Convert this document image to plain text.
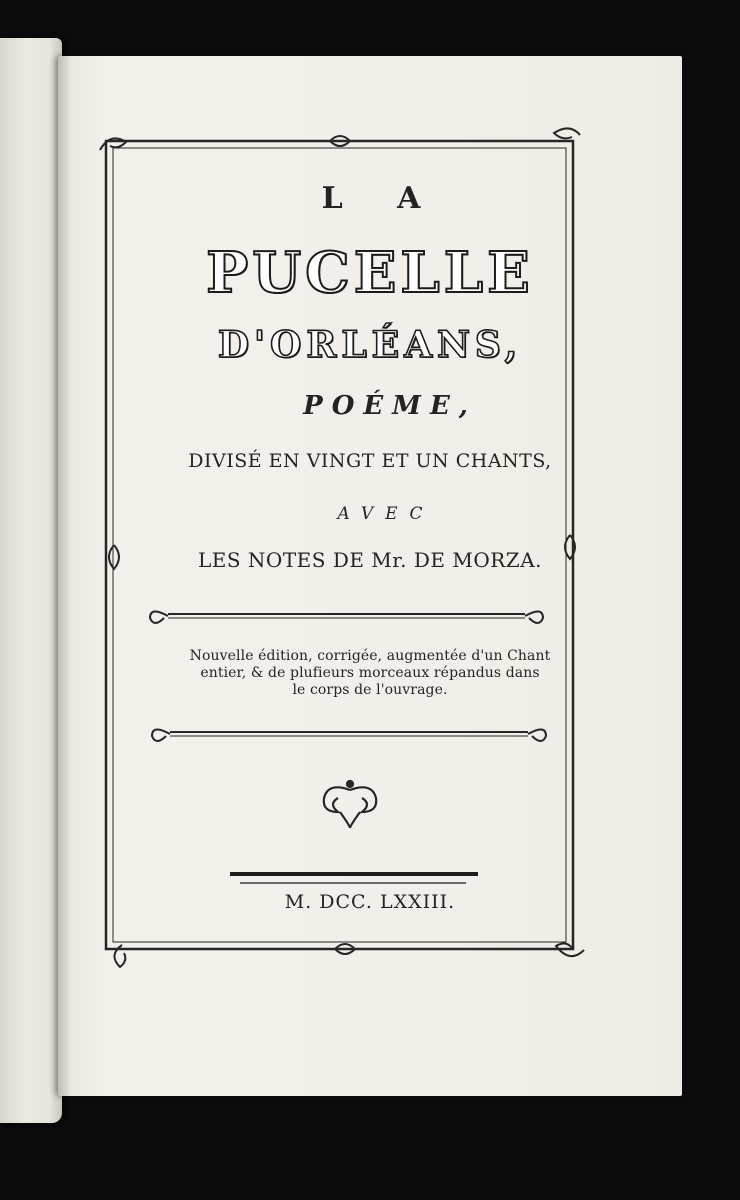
L A

PUCELLE

D'ORLÉANS,

POÉME,

DIVISÉ EN VINGT ET UN CHANTS,

AVEC

LES NOTES DE Mr. DE MORZA.

Nouvelle édition, corrigée, augmentée d'un Chant
entier, & de plufieurs morceaux répandus dans
le corps de l'ouvrage.

M. DCC. LXXIII.
